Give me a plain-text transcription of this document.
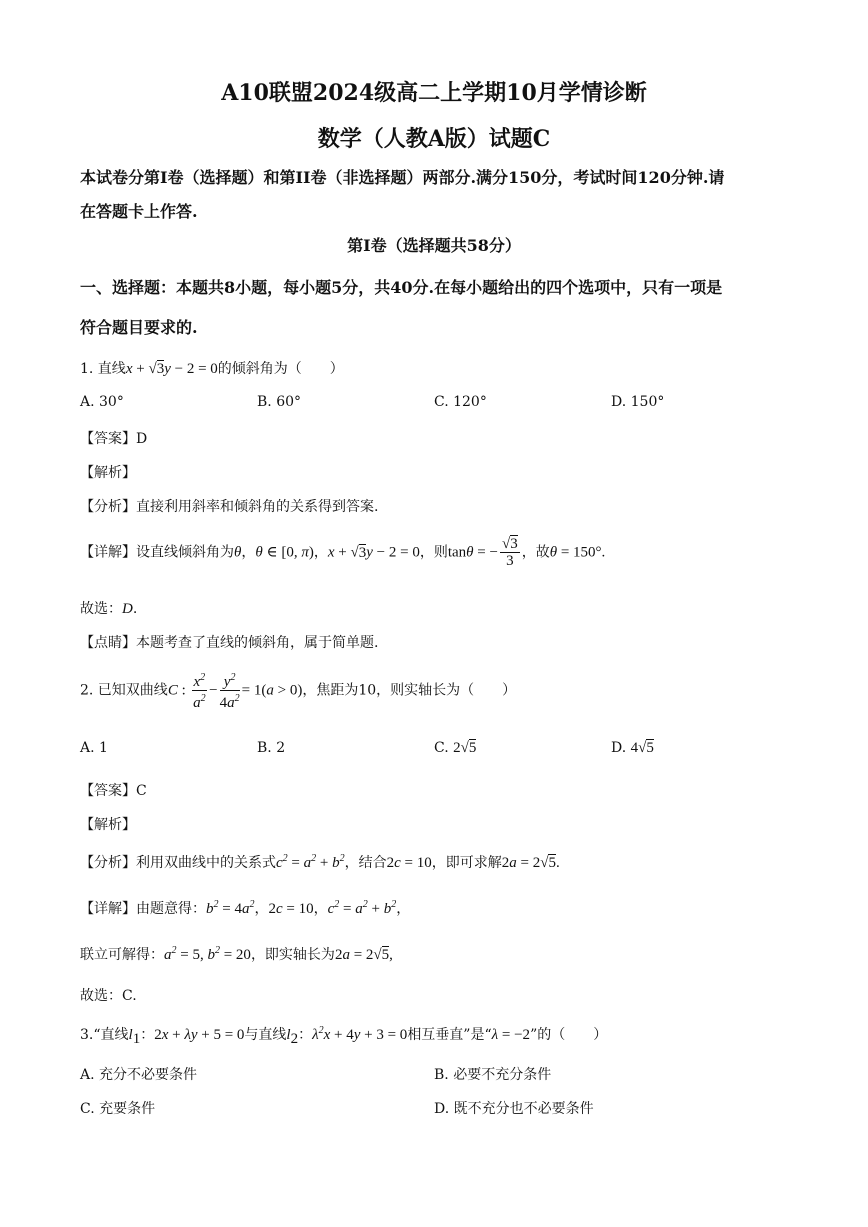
A10联盟2024级高二上学期10月学情诊断
数学（人教A版）试题C
本试卷分第I卷（选择题）和第II卷（非选择题）两部分.满分150分，考试时间120分钟.请
在答题卡上作答.
第I卷（选择题共58分）
一、选择题：本题共8小题，每小题5分，共40分.在每小题给出的四个选项中，只有一项是
符合题目要求的.
1. 直线x + √3y − 2 = 0的倾斜角为（　　）
A. 30°	B. 60°	C. 120°	D. 150°
【答案】D
【解析】
【分析】直接利用斜率和倾斜角的关系得到答案.
【详解】设直线倾斜角为θ，θ ∈ [0, π)，x + √3y − 2 = 0，则tanθ = − $\frac{√3}{3}$ ，故θ = 150°.
故选：D.
【点睛】本题考查了直线的倾斜角，属于简单题.
2. 已知双曲线C : $\frac{x^2}{a^2} - \frac{y^2}{4a^2} = 1(a > 0)$，焦距为10，则实轴长为（　　）
A. 1	B. 2	C. 2√5	D. 4√5
【答案】C
【解析】
【分析】利用双曲线中的关系式$c^2 = a^2 + b^2$，结合2c = 10，即可求解2a = 2√5.
【详解】由题意得：$b^2 = 4a^2$，2c = 10，$c^2 = a^2 + b^2$，
联立可解得：$a^2 = 5$, $b^2 = 20$，即实轴长为2a = 2√5,
故选：C.
3.“直线$l_1$：2x + λy + 5 = 0与直线$l_2$：$\lambda^2x + 4y + 3 = 0$相互垂直”是“λ = −2”的（　　）
A. 充分不必要条件	B. 必要不充分条件
C. 充要条件	D. 既不充分也不必要条件
